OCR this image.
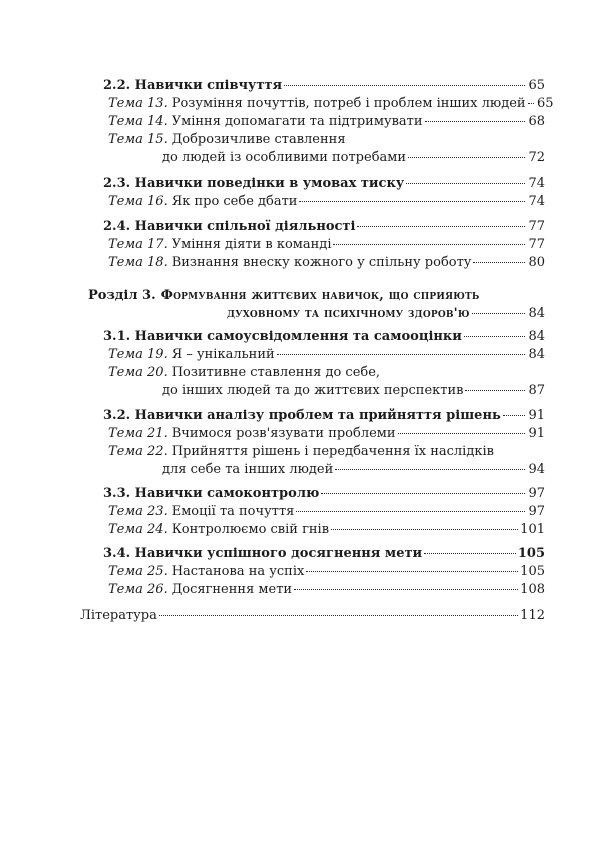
2.2. Навички співчуття	65
Тема 13. Розуміння почуттів, потреб і проблем інших людей 65
Тема 14. Уміння допомагати та підтримувати	68
Тема 15. Доброзичливе ставлення
до людей із особливими потребами	72
2.3. Навички поведінки в умовах тиску	74
Тема 16. Як про себе дбати	74
2.4. Навички спільної діяльності	77
Тема 17. Уміння діяти в команді	77
Тема 18. Визнання внеску кожного у спільну роботу	80
Розділ 3. Формування життєвих навичок, що сприяють
духовному та психічному здоров'ю	84
3.1. Навички самоусвідомлення та самооцінки	84
Тема 19. Я – унікальний	84
Тема 20. Позитивне ставлення до себе,
до інших людей та до життєвих перспектив	87
3.2. Навички аналізу проблем та прийняття рішень 91
Тема 21. Вчимося розв'язувати проблеми	91
Тема 22. Прийняття рішень і передбачення їх наслідків
для себе та інших людей	94
3.3. Навички самоконтролю	97
Тема 23. Емоції та почуття	97
Тема 24. Контролюємо свій гнів	101
3.4. Навички успішного досягнення мети	105
Тема 25. Настанова на успіх	105
Тема 26. Досягнення мети	108
Література	112
